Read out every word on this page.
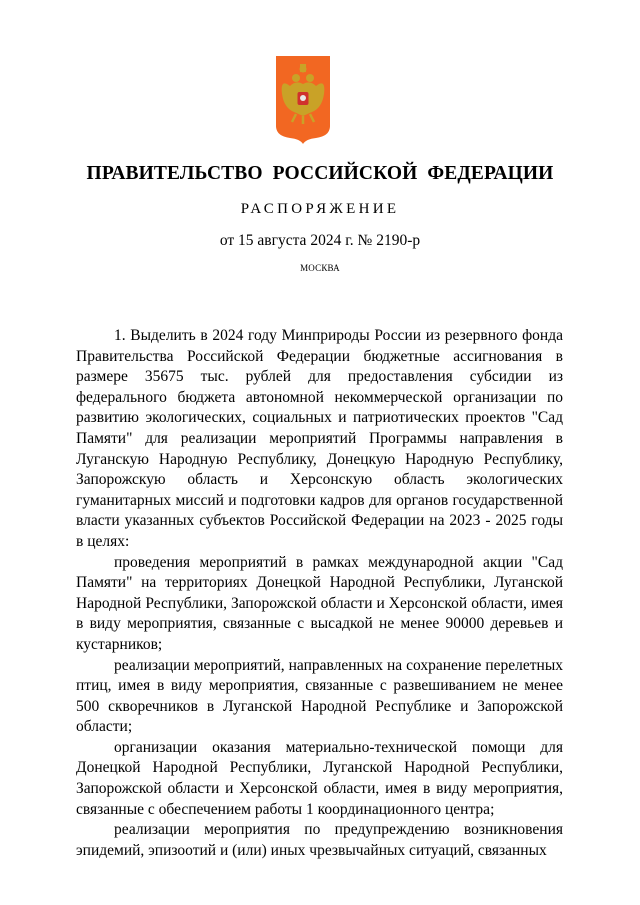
ПРАВИТЕЛЬСТВО РОССИЙСКОЙ ФЕДЕРАЦИИ
РАСПОРЯЖЕНИЕ
от 15 августа 2024 г. № 2190-р
МОСКВА

1. Выделить в 2024 году Минприроды России из резервного фонда Правительства Российской Федерации бюджетные ассигнования в размере 35675 тыс. рублей для предоставления субсидии из федерального бюджета автономной некоммерческой организации по развитию экологических, социальных и патриотических проектов "Сад Памяти" для реализации мероприятий Программы направления в Луганскую Народную Республику, Донецкую Народную Республику, Запорожскую область и Херсонскую область экологических гуманитарных миссий и подготовки кадров для органов государственной власти указанных субъектов Российской Федерации на 2023 - 2025 годы в целях:

проведения мероприятий в рамках международной акции "Сад Памяти" на территориях Донецкой Народной Республики, Луганской Народной Республики, Запорожской области и Херсонской области, имея в виду мероприятия, связанные с высадкой не менее 90000 деревьев и кустарников;

реализации мероприятий, направленных на сохранение перелетных птиц, имея в виду мероприятия, связанные с развешиванием не менее 500 скворечников в Луганской Народной Республике и Запорожской области;

организации оказания материально-технической помощи для Донецкой Народной Республики, Луганской Народной Республики, Запорожской области и Херсонской области, имея в виду мероприятия, связанные с обеспечением работы 1 координационного центра;

реализации мероприятия по предупреждению возникновения эпидемий, эпизоотий и (или) иных чрезвычайных ситуаций, связанных
